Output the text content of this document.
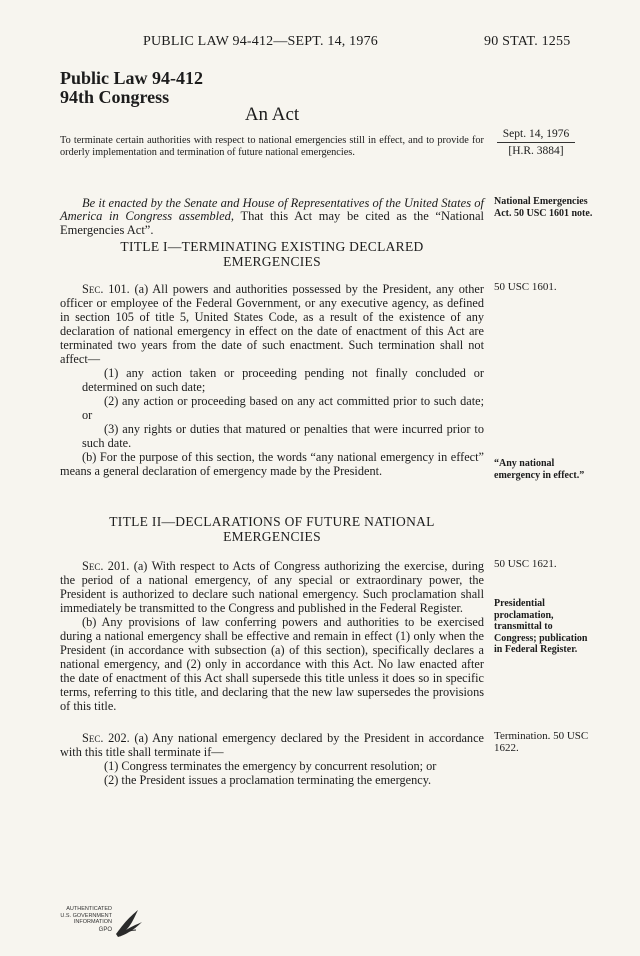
PUBLIC LAW 94-412—SEPT. 14, 1976	90 STAT. 1255
Public Law 94-412
94th Congress
An Act
To terminate certain authorities with respect to national emergencies still in effect, and to provide for orderly implementation and termination of future national emergencies.
Sept. 14, 1976
[H.R. 3884]

Be it enacted by the Senate and House of Representatives of the United States of America in Congress assembled, That this Act may be cited as the “National Emergencies Act”.

National Emergencies Act. 50 USC 1601 note.
TITLE I—TERMINATING EXISTING DECLARED
EMERGENCIES

Sec. 101. (a) All powers and authorities possessed by the President, any other officer or employee of the Federal Government, or any executive agency, as defined in section 105 of title 5, United States Code, as a result of the existence of any declaration of national emergency in effect on the date of enactment of this Act are terminated two years from the date of such enactment. Such termination shall not affect—

(1) any action taken or proceeding pending not finally concluded or determined on such date;

(2) any action or proceeding based on any act committed prior to such date; or

(3) any rights or duties that matured or penalties that were incurred prior to such date.

(b) For the purpose of this section, the words “any national emergency in effect” means a general declaration of emergency made by the President.

50 USC 1601.
“Any national emergency in effect.”
TITLE II—DECLARATIONS OF FUTURE NATIONAL
EMERGENCIES

Sec. 201. (a) With respect to Acts of Congress authorizing the exercise, during the period of a national emergency, of any special or extraordinary power, the President is authorized to declare such national emergency. Such proclamation shall immediately be transmitted to the Congress and published in the Federal Register.

(b) Any provisions of law conferring powers and authorities to be exercised during a national emergency shall be effective and remain in effect (1) only when the President (in accordance with subsection (a) of this section), specifically declares a national emergency, and (2) only in accordance with this Act. No law enacted after the date of enactment of this Act shall supersede this title unless it does so in specific terms, referring to this title, and declaring that the new law supersedes the provisions of this title.

50 USC 1621.
Presidential proclamation, transmittal to Congress; publication in Federal Register.

Sec. 202. (a) Any national emergency declared by the President in accordance with this title shall terminate if—

(1) Congress terminates the emergency by concurrent resolution; or

(2) the President issues a proclamation terminating the emergency.

Termination. 50 USC 1622.
AUTHENTICATED
U.S. GOVERNMENT
INFORMATION
GPO
